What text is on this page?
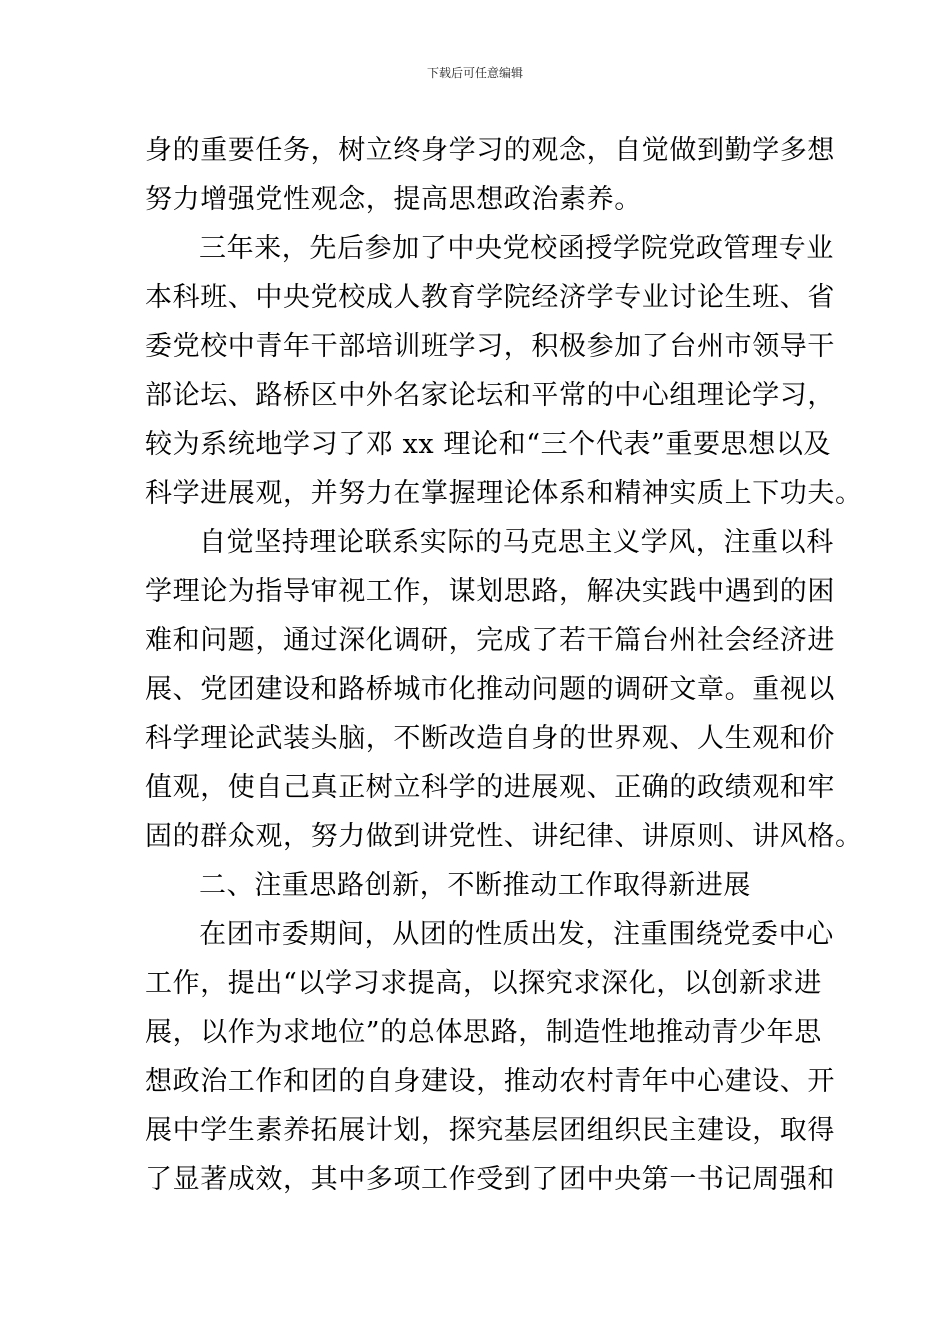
下载后可任意编辑
身的重要任务，树立终身学习的观念，自觉做到勤学多想
努力增强党性观念，提高思想政治素养。
三年来，先后参加了中央党校函授学院党政管理专业
本科班、中央党校成人教育学院经济学专业讨论生班、省
委党校中青年干部培训班学习，积极参加了台州市领导干
部论坛、路桥区中外名家论坛和平常的中心组理论学习，
较为系统地学习了邓 xx 理论和“三个代表”重要思想以及
科学进展观，并努力在掌握理论体系和精神实质上下功夫。
自觉坚持理论联系实际的马克思主义学风，注重以科
学理论为指导审视工作，谋划思路，解决实践中遇到的困
难和问题，通过深化调研，完成了若干篇台州社会经济进
展、党团建设和路桥城市化推动问题的调研文章。重视以
科学理论武装头脑，不断改造自身的世界观、人生观和价
值观，使自己真正树立科学的进展观、正确的政绩观和牢
固的群众观，努力做到讲党性、讲纪律、讲原则、讲风格。
二、注重思路创新，不断推动工作取得新进展
在团市委期间，从团的性质出发，注重围绕党委中心
工作，提出“以学习求提高，以探究求深化，以创新求进
展，以作为求地位”的总体思路，制造性地推动青少年思
想政治工作和团的自身建设，推动农村青年中心建设、开
展中学生素养拓展计划，探究基层团组织民主建设，取得
了显著成效，其中多项工作受到了团中央第一书记周强和
